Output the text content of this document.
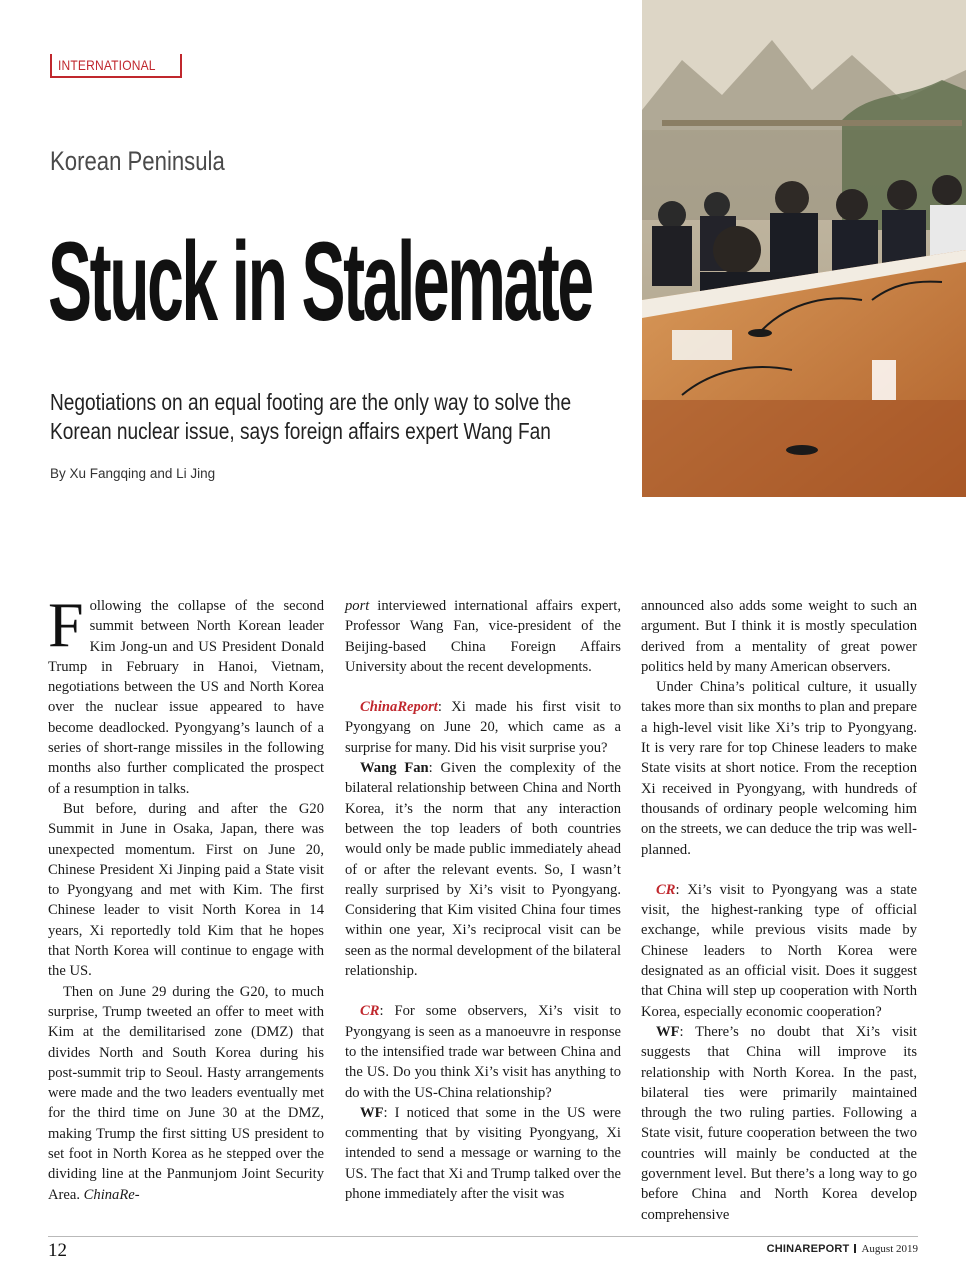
INTERNATIONAL
Korean Peninsula
Stuck in Stalemate
Negotiations on an equal footing are the only way to solve the
Korean nuclear issue, says foreign affairs expert Wang Fan
By Xu Fangqing and Li Jing

Following the collapse of the second summit between North Korean leader Kim Jong-un and US President Donald Trump in February in Hanoi, Vietnam, negotiations between the US and North Korea over the nuclear issue appeared to have become deadlocked. Pyongyang’s launch of a series of short-range missiles in the following months also further complicated the prospect of a resumption in talks.

But before, during and after the G20 Summit in June in Osaka, Japan, there was unexpected momentum. First on June 20, Chinese President Xi Jinping paid a State visit to Pyongyang and met with Kim. The first Chinese leader to visit North Korea in 14 years, Xi reportedly told Kim that he hopes that North Korea will continue to engage with the US.

Then on June 29 during the G20, to much surprise, Trump tweeted an offer to meet with Kim at the demilitarised zone (DMZ) that divides North and South Korea during his post-summit trip to Seoul. Hasty arrangements were made and the two leaders eventually met for the third time on June 30 at the DMZ, making Trump the first sitting US president to set foot in North Korea as he stepped over the dividing line at the Panmunjom Joint Security Area. ChinaRe-

port interviewed international affairs expert, Professor Wang Fan, vice-president of the Beijing-based China Foreign Affairs University about the recent developments.

ChinaReport: Xi made his first visit to Pyongyang on June 20, which came as a surprise for many. Did his visit surprise you?

Wang Fan: Given the complexity of the bilateral relationship between China and North Korea, it’s the norm that any interaction between the top leaders of both countries would only be made public immediately ahead of or after the relevant events. So, I wasn’t really surprised by Xi’s visit to Pyongyang. Considering that Kim visited China four times within one year, Xi’s reciprocal visit can be seen as the normal development of the bilateral relationship.

CR: For some observers, Xi’s visit to Pyongyang is seen as a manoeuvre in response to the intensified trade war between China and the US. Do you think Xi’s visit has anything to do with the US-China relationship?

WF: I noticed that some in the US were commenting that by visiting Pyongyang, Xi intended to send a message or warning to the US. The fact that Xi and Trump talked over the phone immediately after the visit was

announced also adds some weight to such an argument. But I think it is mostly speculation derived from a mentality of great power politics held by many American observers.

Under China’s political culture, it usually takes more than six months to plan and prepare a high-level visit like Xi’s trip to Pyongyang. It is very rare for top Chinese leaders to make State visits at short notice. From the reception Xi received in Pyongyang, with hundreds of thousands of ordinary people welcoming him on the streets, we can deduce the trip was well-planned.

CR: Xi’s visit to Pyongyang was a state visit, the highest-ranking type of official exchange, while previous visits made by Chinese leaders to North Korea were designated as an official visit. Does it suggest that China will step up cooperation with North Korea, especially economic cooperation?

WF: There’s no doubt that Xi’s visit suggests that China will improve its relationship with North Korea. In the past, bilateral ties were primarily maintained through the two ruling parties. Following a State visit, future cooperation between the two countries will mainly be conducted at the government level. But there’s a long way to go before China and North Korea develop comprehensive

12	CHINAREPORT August 2019
